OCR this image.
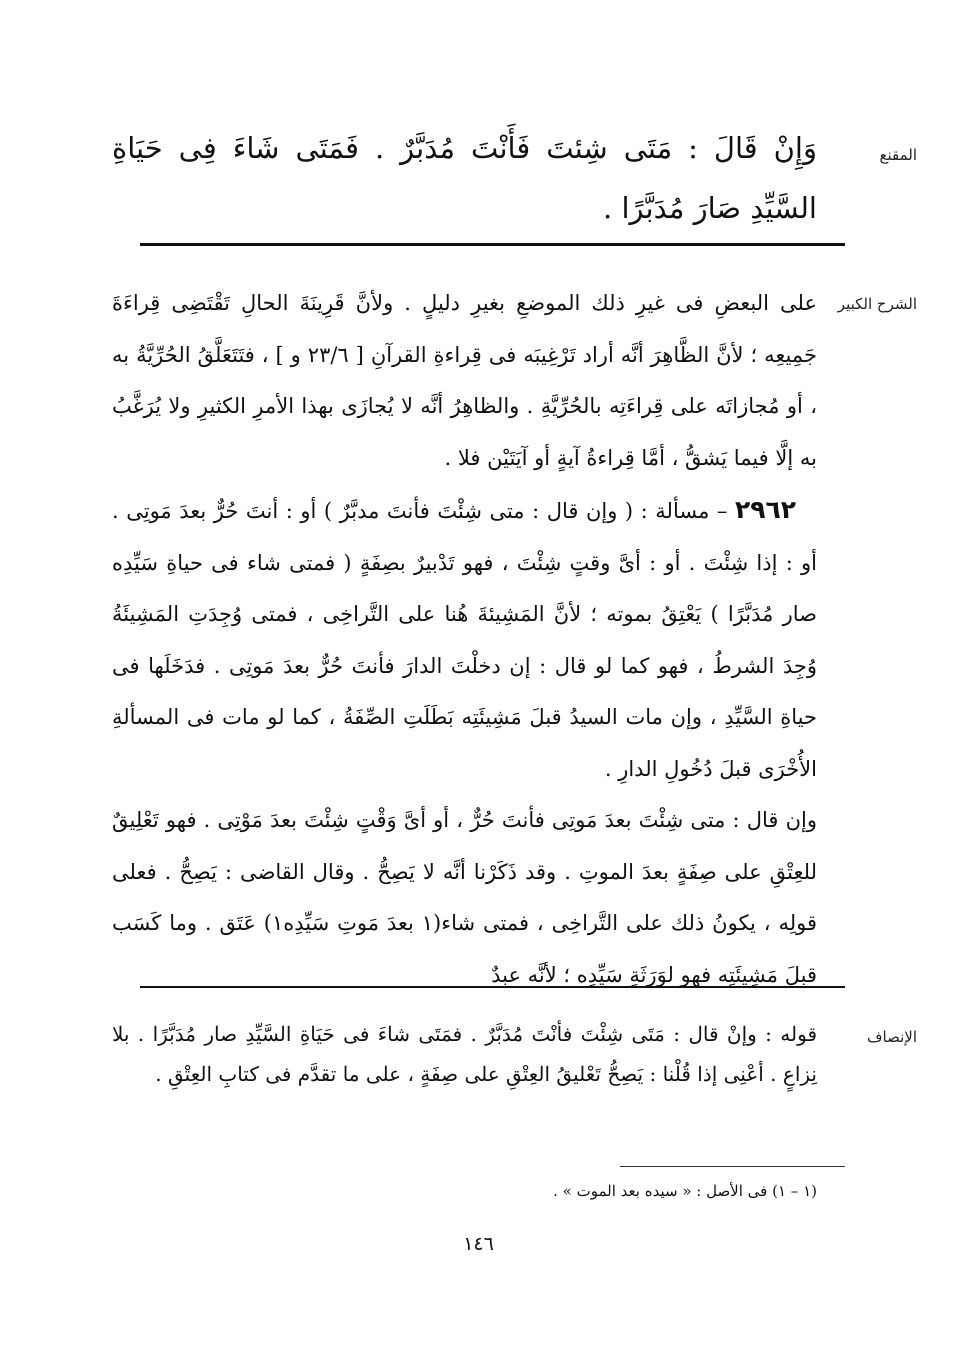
المقنع
وَإِنْ قَالَ : مَتَى شِئتَ فَأَنْتَ مُدَبَّرٌ . فَمَتَى شَاءَ فِى حَيَاةِ السَّيِّدِ صَارَ مُدَبَّرًا .
الشرح الكبير

على البعضِ فى غيرِ ذلك الموضعِ بغيرِ دليلٍ . ولأنَّ قَرِينَةَ الحالِ تَقْتَضِى قِراءَةَ جَمِيعِه ؛ لأنَّ الظَّاهِرَ أنَّه أراد تَرْغِيبَه فى قِراءةِ القرآنِ [ ٢٣/٦ و ] ، فتَتَعَلَّقُ الحُرِّيَّةُ به ، أو مُجازاتَه على قِراءَتِه بالحُرِّيَّةِ . والظاهِرُ أنَّه لا يُجازَى بهذا الأمرِ الكثيرِ ولا يُرَغَّبُ به إلَّا فيما يَشقُّ ، أمَّا قِراءةُ آيةٍ أو آيَتَيْن فلا .

 ٢٩٦٢ – مسألة : ( وإن قال : متى شِئْتَ فأنتَ مدبَّرٌ ) أو : أنتَ حُرٌّ بعدَ مَوتِى . أو : إذا شِئْتَ . أو : أىَّ وقتٍ شِئْتَ ، فهو تَدْبيرٌ بصِفَةٍ ( فمتى شاء فى حياةِ سَيِّدِه صار مُدَبَّرًا ) يَعْتِقُ بموته ؛ لأنَّ المَشِيئةَ هُنا على التَّراخِى ، فمتى وُجِدَتِ المَشِيئَةُ وُجِدَ الشرطُ ، فهو كما لو قال : إن دخلْتَ الدارَ فأنتَ حُرٌّ بعدَ مَوتِى . فدَخَلَها فى حياةِ السَّيِّدِ ، وإن مات السيدُ قبلَ مَشِيئَتِه بَطَلَتِ الصِّفَةُ ، كما لو مات فى المسألةِ الأُخْرَى قبلَ دُخُولِ الدارِ .

وإن قال : متى شِئْتَ بعدَ مَوتِى فأنتَ حُرٌّ ، أو أىَّ وَقْتٍ شِئْتَ بعدَ مَوْتِى . فهو تَعْلِيقٌ للعِتْقِ على صِفَةٍ بعدَ الموتِ . وقد ذَكَرْنا أنَّه لا يَصِحُّ . وقال القاضى : يَصِحُّ . فعلى قولِه ، يكونُ ذلك على التَّراخِى ، فمتى شاء(١ بعدَ مَوتِ سَيِّدِه١) عَتَق . وما كَسَب قبلَ مَشِيئَتِه فهو لوَرَثَةِ سَيِّدِه ؛ لأنَّه عبدٌ

الإنصاف
قوله : وإنْ قال : مَتَى شِئْتَ فأنْتَ مُدَبَّرٌ . فمَتَى شاءَ فى حَيَاةِ السَّيِّدِ صار مُدَبَّرًا . بلا نِزاعٍ . أعْنِى إذا قُلْنا : يَصِحُّ تَعْليقُ العِتْقِ على صِفَةٍ ، على ما تقدَّم فى كتابِ العِتْقِ .
(١ – ١) فى الأصل : « سيده بعد الموت » .
١٤٦
